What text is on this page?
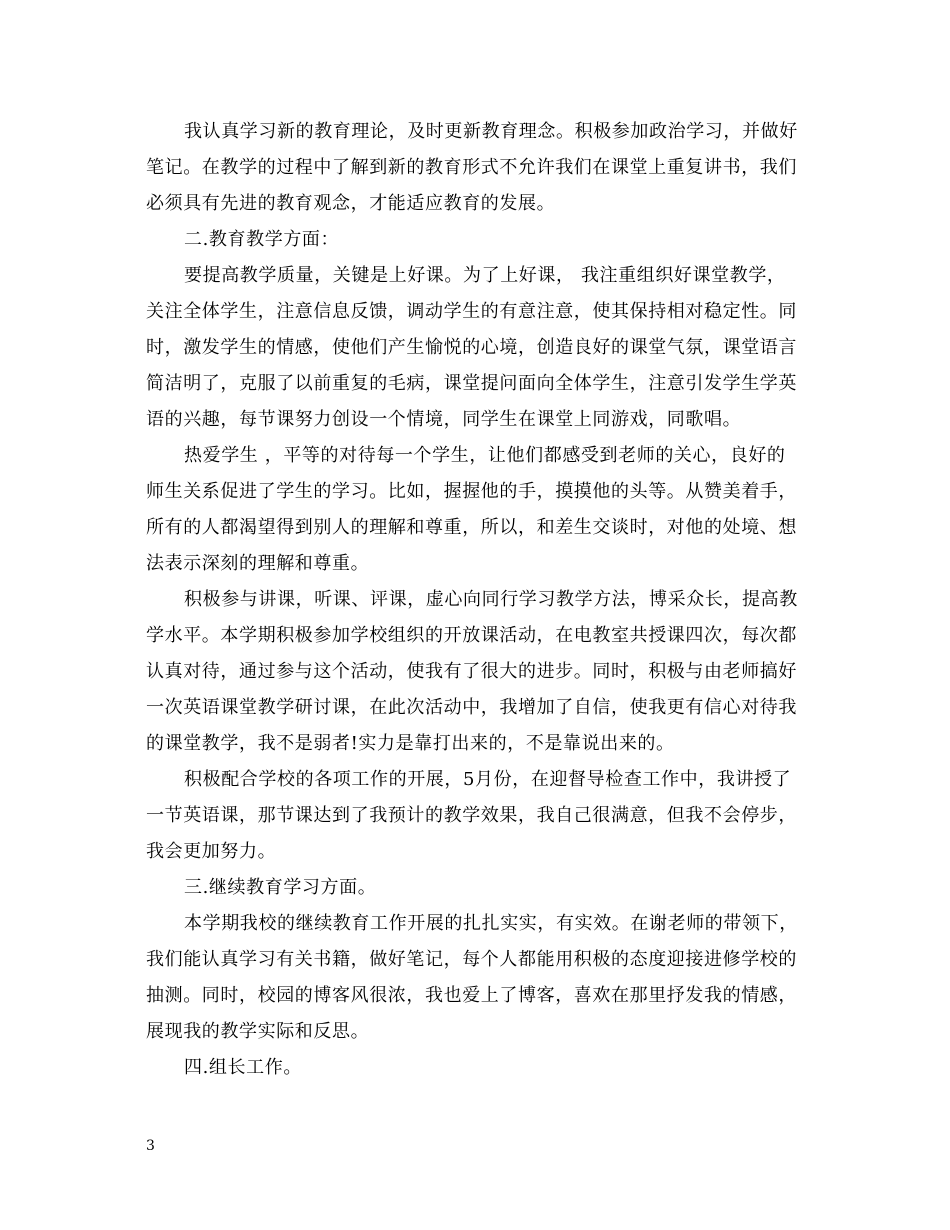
我认真学习新的教育理论，及时更新教育理念。积极参加政治学习，并做好
笔记。在教学的过程中了解到新的教育形式不允许我们在课堂上重复讲书，我们
必须具有先进的教育观念，才能适应教育的发展。

二.教育教学方面：

要提高教学质量，关键是上好课。为了上好课， 我注重组织好课堂教学，
关注全体学生，注意信息反馈，调动学生的有意注意，使其保持相对稳定性。同
时，激发学生的情感，使他们产生愉悦的心境，创造良好的课堂气氛，课堂语言
简洁明了，克服了以前重复的毛病，课堂提问面向全体学生，注意引发学生学英
语的兴趣，每节课努力创设一个情境，同学生在课堂上同游戏，同歌唱。

热爱学生 ，平等的对待每一个学生，让他们都感受到老师的关心，良好的
师生关系促进了学生的学习。比如，握握他的手，摸摸他的头等。从赞美着手，
所有的人都渴望得到别人的理解和尊重，所以，和差生交谈时，对他的处境、想
法表示深刻的理解和尊重。

积极参与讲课，听课、评课，虚心向同行学习教学方法，博采众长，提高教
学水平。本学期积极参加学校组织的开放课活动，在电教室共授课四次，每次都
认真对待，通过参与这个活动，使我有了很大的进步。同时，积极与由老师搞好
一次英语课堂教学研讨课，在此次活动中，我增加了自信，使我更有信心对待我
的课堂教学，我不是弱者!实力是靠打出来的，不是靠说出来的。

积极配合学校的各项工作的开展，5月份，在迎督导检查工作中，我讲授了
一节英语课，那节课达到了我预计的教学效果，我自己很满意，但我不会停步，
我会更加努力。

三.继续教育学习方面。

本学期我校的继续教育工作开展的扎扎实实，有实效。在谢老师的带领下，
我们能认真学习有关书籍，做好笔记，每个人都能用积极的态度迎接进修学校的
抽测。同时，校园的博客风很浓，我也爱上了博客，喜欢在那里抒发我的情感，
展现我的教学实际和反思。

四.组长工作。

3
